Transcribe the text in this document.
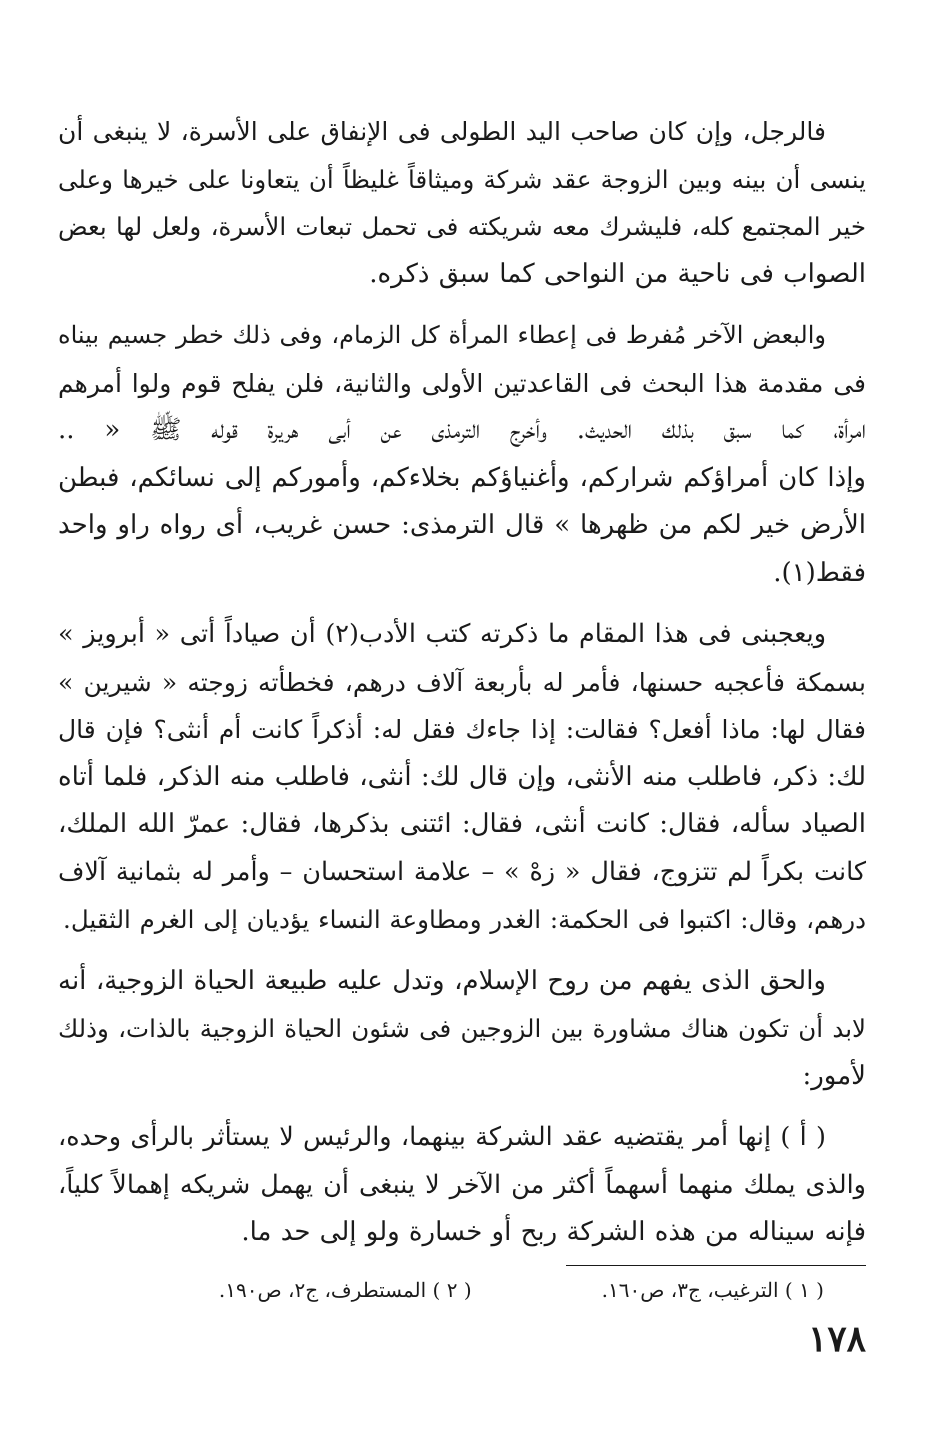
فالرجل، وإن كان صاحب اليد الطولى فى الإنفاق على الأسرة، لا ينبغى أن
ينسى أن بينه وبين الزوجة عقد شركة وميثاقاً غليظاً أن يتعاونا على خيرها وعلى
خير المجتمع كله، فليشرك معه شريكته فى تحمل تبعات الأسرة، ولعل لها بعض
الصواب فى ناحية من النواحى كما سبق ذكره.
والبعض الآخر مُفرط فى إعطاء المرأة كل الزمام، وفى ذلك خطر جسيم بيناه
فى مقدمة هذا البحث فى القاعدتين الأولى والثانية، فلن يفلح قوم ولوا أمرهم
امرأة، كما سبق بذلك الحديث. وأخرج الترمذى عن أبى هريرة قوله ﷺ « ..
وإذا كان أمراؤكم شراركم، وأغنياؤكم بخلاءكم، وأموركم إلى نسائكم، فبطن
الأرض خير لكم من ظهرها » قال الترمذى: حسن غريب، أى رواه راو واحد
فقط(١).
ويعجبنى فى هذا المقام ما ذكرته كتب الأدب(٢) أن صياداً أتى « أبرويز »
بسمكة فأعجبه حسنها، فأمر له بأربعة آلاف درهم، فخطأته زوجته « شيرين »
فقال لها: ماذا أفعل؟ فقالت: إذا جاءك فقل له: أذكراً كانت أم أنثى؟ فإن قال
لك: ذكر، فاطلب منه الأنثى، وإن قال لك: أنثى، فاطلب منه الذكر، فلما أتاه
الصياد سأله، فقال: كانت أنثى، فقال: ائتنى بذكرها، فقال: عمرّ الله الملك،
كانت بكراً لم تتزوج، فقال « زهْ » – علامة استحسان – وأمر له بثمانية آلاف
درهم، وقال: اكتبوا فى الحكمة: الغدر ومطاوعة النساء يؤديان إلى الغرم الثقيل.
والحق الذى يفهم من روح الإسلام، وتدل عليه طبيعة الحياة الزوجية، أنه
لابد أن تكون هناك مشاورة بين الزوجين فى شئون الحياة الزوجية بالذات، وذلك
لأمور:
( أ ) إنها أمر يقتضيه عقد الشركة بينهما، والرئيس لا يستأثر بالرأى وحده،
والذى يملك منهما أسهماً أكثر من الآخر لا ينبغى أن يهمل شريكه إهمالاً كلياً،
فإنه سيناله من هذه الشركة ربح أو خسارة ولو إلى حد ما.
( ١ ) الترغيب، ج٣، ص١٦٠.
( ٢ ) المستطرف، ج٢، ص١٩٠.
١٧٨
